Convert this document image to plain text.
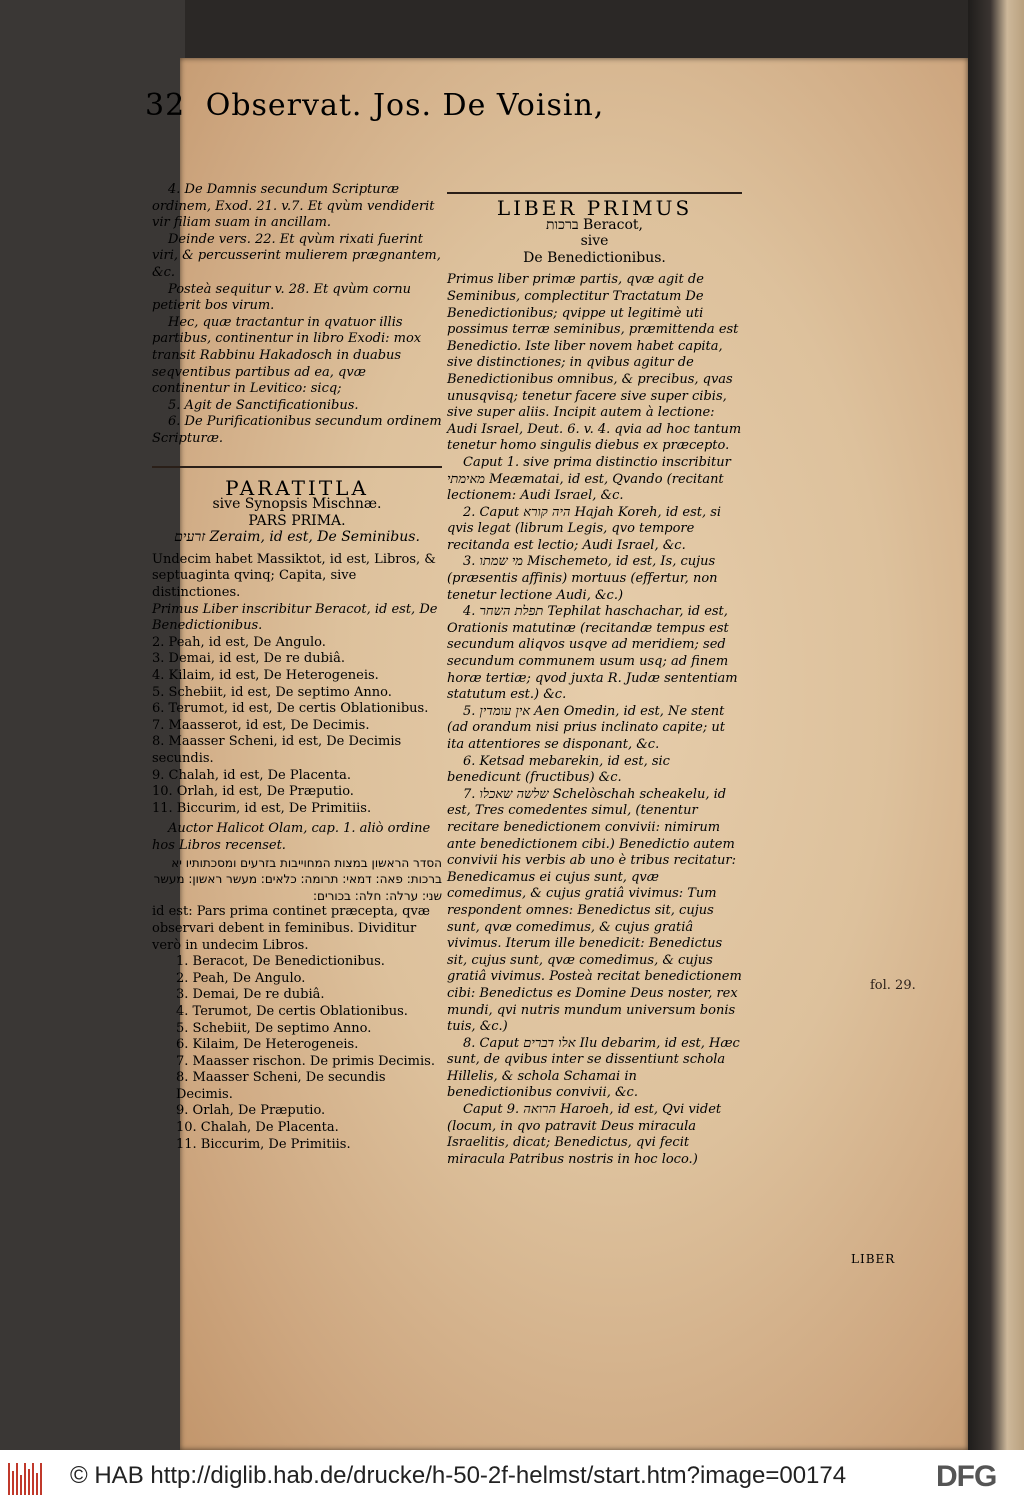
32 Observat. Jos. De Voisin,

4. De Damnis secundum Scripturæ ordinem, Exod. 21. v.7. Et qvùm vendiderit vir filiam suam in ancillam.

Deinde vers. 22. Et qvùm rixati fuerint viri, & percusserint mulierem prægnantem, &c.

Posteà sequitur v. 28. Et qvùm cornu petierit bos virum.

Hec, quæ tractantur in qvatuor illis partibus, continentur in libro Exodi: mox transit Rabbinu Hakadosch in duabus seqventibus partibus ad ea, qvæ continentur in Levitico: sicq;

5. Agit de Sanctificationibus.

6. De Purificationibus secundum ordinem Scripturæ.

PARATITLA

sive Synopsis Mischnæ.

PARS PRIMA.

זרעים Zeraim, id est, De Seminibus.

Undecim habet Massiktot, id est, Libros, & septuaginta qvinq; Capita, sive distinctiones.

Primus Liber inscribitur Beracot, id est, De Benedictionibus.

2. Peah, id est, De Angulo.
3. Demai, id est, De re dubiâ.
4. Kilaim, id est, De Heterogeneis.
5. Schebiit, id est, De septimo Anno.
6. Terumot, id est, De certis Oblationibus.
7. Maasserot, id est, De Decimis.
8. Maasser Scheni, id est, De Decimis secundis.
9. Chalah, id est, De Placenta.
10. Orlah, id est, De Præputio.
11. Biccurim, id est, De Primitiis.

Auctor Halicot Olam, cap. 1. aliò ordine hos Libros recenset.

הסדר הראשון במצות המחוייבות בזרעים ומסכתותיו יא ברכות: פאה: דמאי: תרומה: כלאים: מעשר ראשון: מעשר שני: ערלה: חלה: בכורים:

id est: Pars prima continet præcepta, qvæ observari debent in feminibus. Dividitur verò in undecim Libros.

1. Beracot, De Benedictionibus.
2. Peah, De Angulo.
3. Demai, De re dubiâ.
4. Terumot, De certis Oblationibus.
5. Schebiit, De septimo Anno.
6. Kilaim, De Heterogeneis.
7. Maasser rischon. De primis Decimis.
8. Maasser Scheni, De secundis Decimis.
9. Orlah, De Præputio.
10. Chalah, De Placenta.
11. Biccurim, De Primitiis.

LIBER PRIMUS

ברכות Beracot,

sive

De Benedictionibus.

Primus liber primæ partis, qvæ agit de Seminibus, complectitur Tractatum De Benedictionibus; qvippe ut legitimè uti possimus terræ seminibus, præmittenda est Benedictio. Iste liber novem habet capita, sive distinctiones; in qvibus agitur de Benedictionibus omnibus, & precibus, qvas unusqvisq; tenetur facere sive super cibis, sive super aliis. Incipit autem à lectione: Audi Israel, Deut. 6. v. 4. qvia ad hoc tantum tenetur homo singulis diebus ex præcepto.

Caput 1. sive prima distinctio inscribitur מאימתי Meæmatai, id est, Qvando (recitant lectionem: Audi Israel, &c.

2. Caput היה קורא Hajah Koreh, id est, si qvis legat (librum Legis, qvo tempore recitanda est lectio; Audi Israel, &c.

3. מי שמתו Mischemeto, id est, Is, cujus (præsentis affinis) mortuus (effertur, non tenetur lectione Audi, &c.)

4. תפלת השחר Tephilat haschachar, id est, Orationis matutinæ (recitandæ tempus est secundum aliqvos usqve ad meridiem; sed secundum communem usum usq; ad finem horæ tertiæ; qvod juxta R. Judæ sententiam statutum est.) &c.

5. אין עומדין Aen Omedin, id est, Ne stent (ad orandum nisi prius inclinato capite; ut ita attentiores se disponant, &c.

6. Ketsad mebarekin, id est, sic benedicunt (fructibus) &c.

7. שלשה שאכלו Schelòschah scheakelu, id est, Tres comedentes simul, (tenentur recitare benedictionem convivii: nimirum ante benedictionem cibi.) Benedictio autem convivii his verbis ab uno è tribus recitatur: Benedicamus ei cujus sunt, qvæ comedimus, & cujus gratiâ vivimus: Tum respondent omnes: Benedictus sit, cujus sunt, qvæ comedimus, & cujus gratiâ vivimus. Iterum ille benedicit: Benedictus sit, cujus sunt, qvæ comedimus, & cujus gratiâ vivimus. Posteà recitat benedictionem cibi: Benedictus es Domine Deus noster, rex mundi, qvi nutris mundum universum bonis tuis, &c.)

8. Caput אלו דברים Ilu debarim, id est, Hæc sunt, de qvibus inter se dissentiunt schola Hillelis, & schola Schamai in benedictionibus convivii, &c.

Caput 9. הרואה Haroeh, id est, Qvi videt (locum, in qvo patravit Deus miracula Israelitis, dicat; Benedictus, qvi fecit miracula Patribus nostris in hoc loco.)

fol. 29.
LIBER
© HAB http://diglib.hab.de/drucke/h-50-2f-helmst/start.htm?image=00174	DFG
